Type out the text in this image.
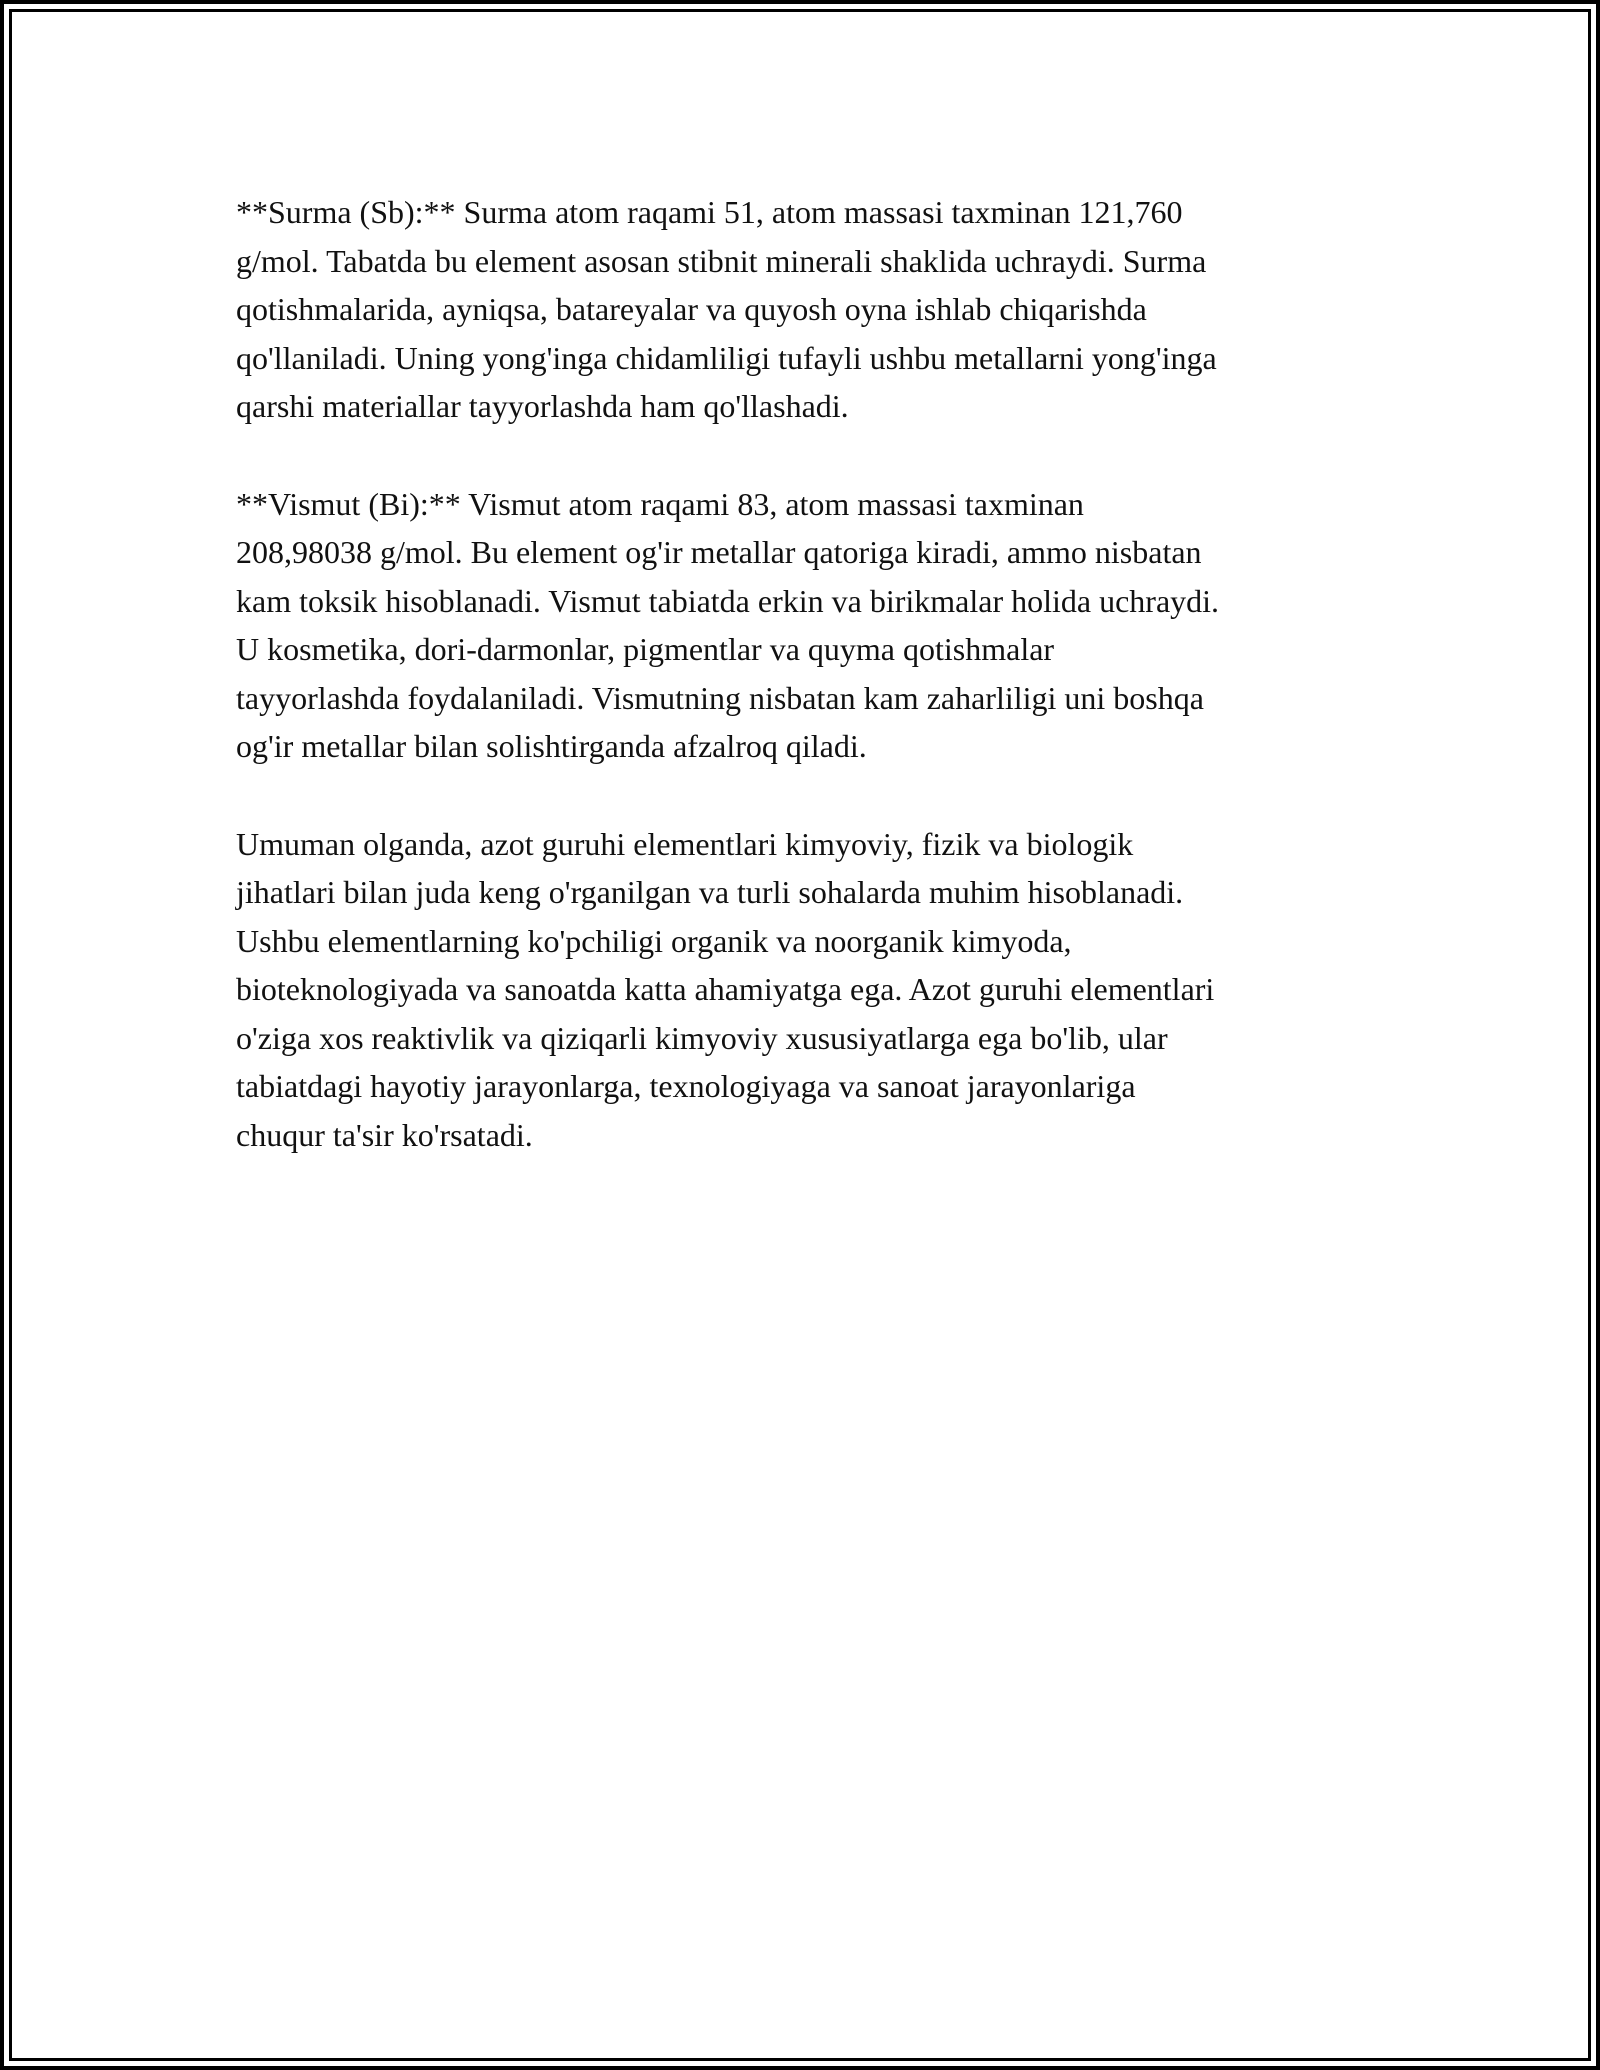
**Surma (Sb):** Surma atom raqami 51, atom massasi taxminan 121,760
g/mol. Tabatda bu element asosan stibnit minerali shaklida uchraydi. Surma
qotishmalarida, ayniqsa, batareyalar va quyosh oyna ishlab chiqarishda
qo'llaniladi. Uning yong'inga chidamliligi tufayli ushbu metallarni yong'inga
qarshi materiallar tayyorlashda ham qo'llashadi.

**Vismut (Bi):** Vismut atom raqami 83, atom massasi taxminan
208,98038 g/mol. Bu element og'ir metallar qatoriga kiradi, ammo nisbatan
kam toksik hisoblanadi. Vismut tabiatda erkin va birikmalar holida uchraydi.
U kosmetika, dori-darmonlar, pigmentlar va quyma qotishmalar
tayyorlashda foydalaniladi. Vismutning nisbatan kam zaharliligi uni boshqa
og'ir metallar bilan solishtirganda afzalroq qiladi.

Umuman olganda, azot guruhi elementlari kimyoviy, fizik va biologik
jihatlari bilan juda keng o'rganilgan va turli sohalarda muhim hisoblanadi.
Ushbu elementlarning ko'pchiligi organik va noorganik kimyoda,
bioteknologiyada va sanoatda katta ahamiyatga ega. Azot guruhi elementlari
o'ziga xos reaktivlik va qiziqarli kimyoviy xususiyatlarga ega bo'lib, ular
tabiatdagi hayotiy jarayonlarga, texnologiyaga va sanoat jarayonlariga
chuqur ta'sir ko'rsatadi.
